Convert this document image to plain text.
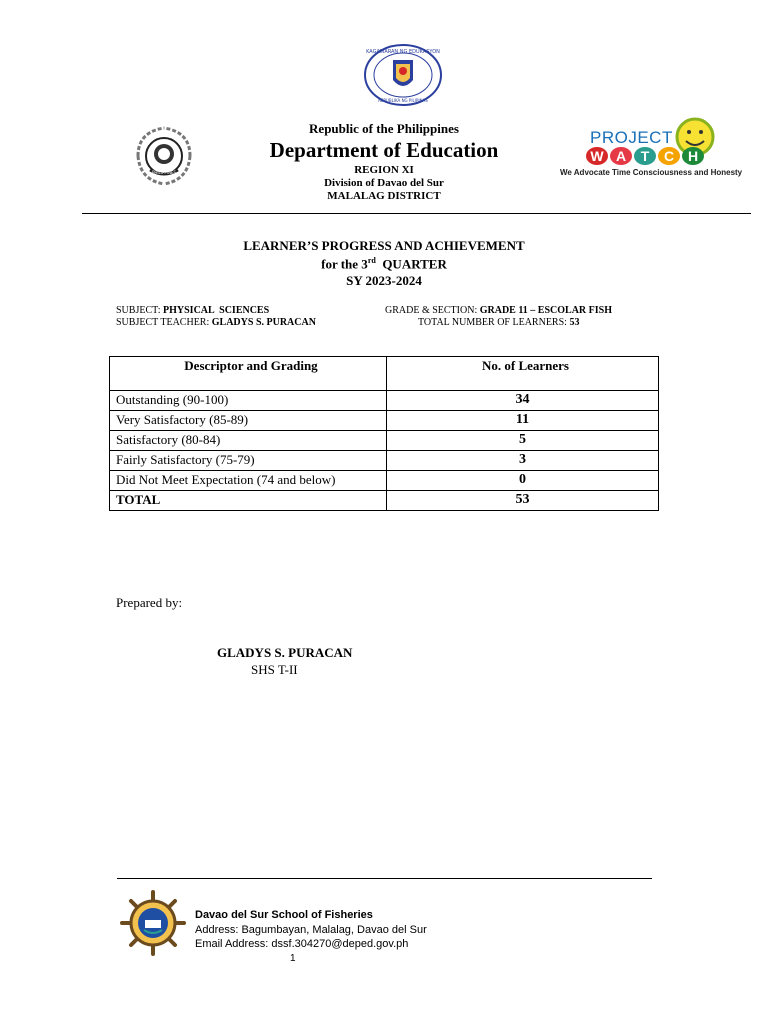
KAGAWARAN NG EDUKASYON
REPUBLIKA NG PILIPINAS
PHILIPPINES
PROJECT
W A	T	C H
We Advocate Time Consciousness and Honesty
Republic of the Philippines
Department of Education
REGION XI
Division of Davao del Sur
MALALAG DISTRICT
LEARNER’S PROGRESS AND ACHIEVEMENT
for the 3rd  QUARTER
SY 2023-2024
SUBJECT: PHYSICAL  SCIENCES
SUBJECT TEACHER: GLADYS S. PURACAN
GRADE & SECTION: GRADE 11 – ESCOLAR FISH
TOTAL NUMBER OF LEARNERS: 53
Descriptor and Grading	No. of Learners
Outstanding (90-100)	34
Very Satisfactory (85-89)	11
Satisfactory (80-84)	5
Fairly Satisfactory (75-79)	3
Did Not Meet Expectation (74 and below)	0
TOTAL	53
Prepared by:
GLADYS S. PURACAN
SHS T-II
Davao del Sur School of Fisheries
Address: Bagumbayan, Malalag, Davao del Sur
Email Address: dssf.304270@deped.gov.ph
1
